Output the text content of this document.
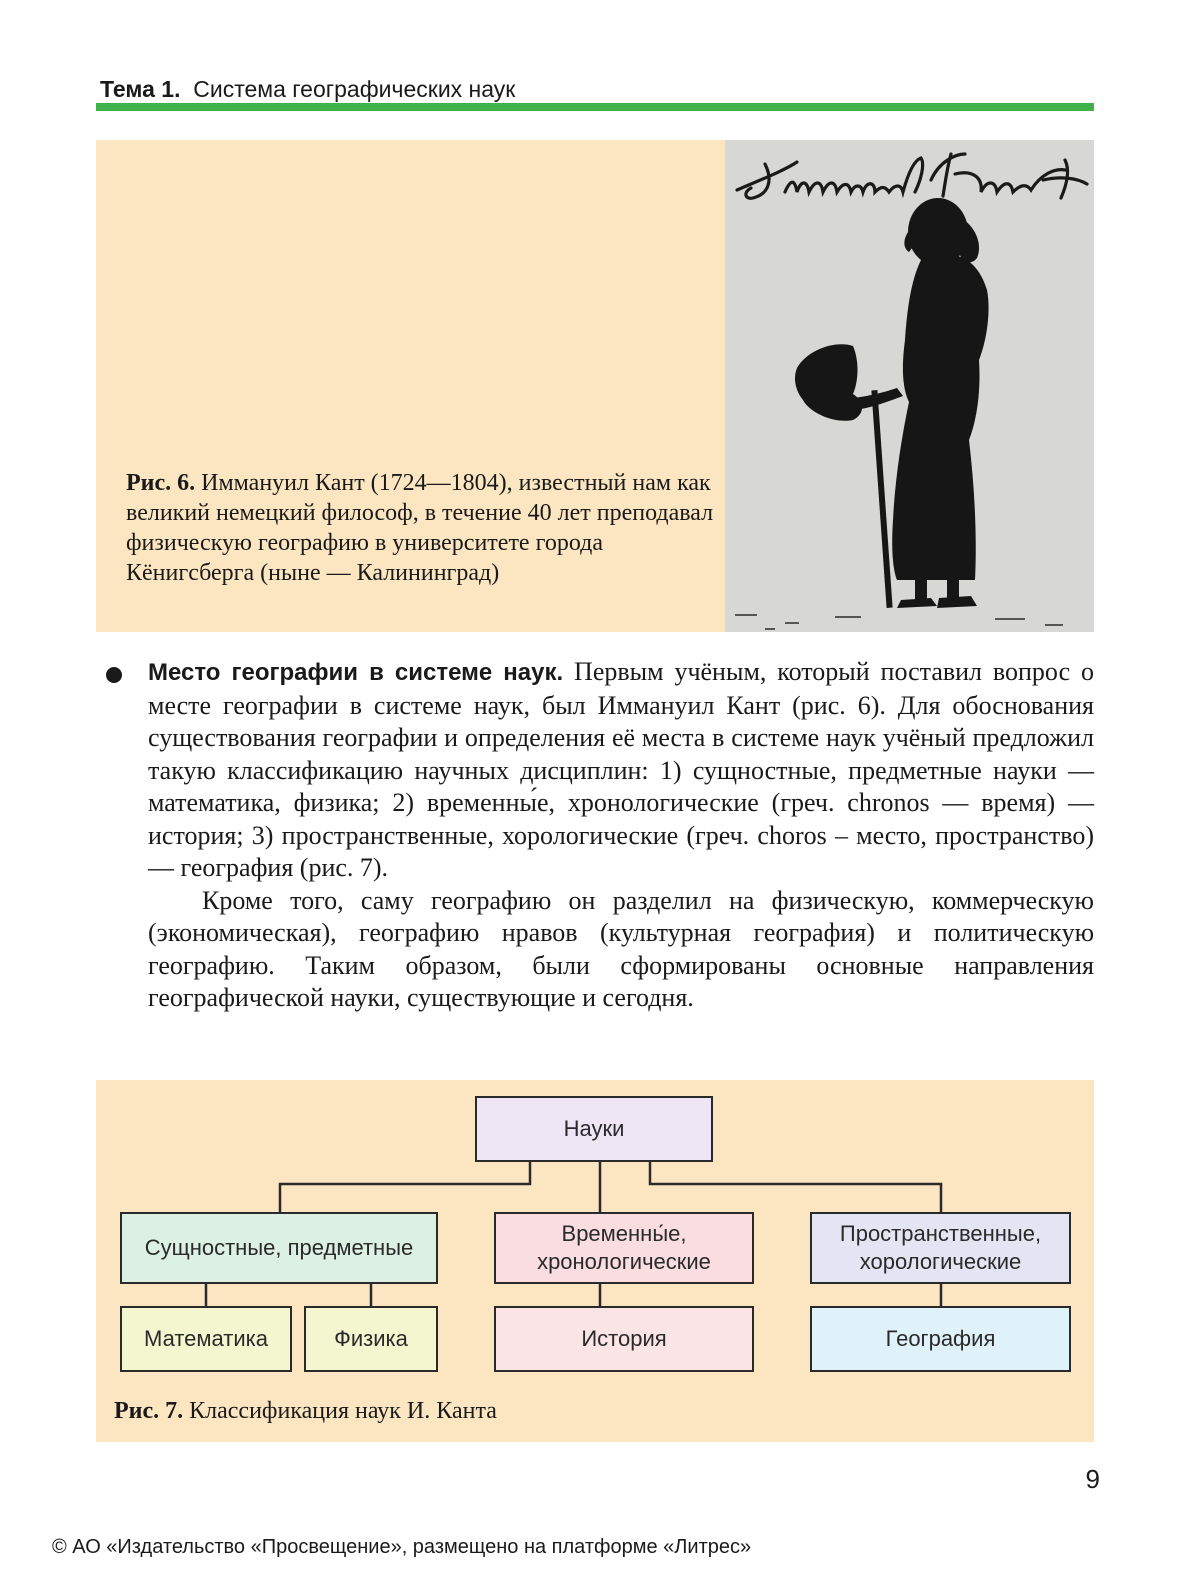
Тема 1. Система географических наук
Рис. 6. Иммануил Кант (1724—1804), известный нам как великий немецкий философ, в течение 40 лет преподавал физическую географию в университете города Кёнигсберга (ныне — Калининград)

Место географии в системе наук. Первым учёным, который поставил вопрос о месте географии в системе наук, был Иммануил Кант (рис. 6). Для обоснования существования географии и определения её места в системе наук учёный предложил такую классификацию научных дисциплин: 1) сущностные, предметные науки — математика, физика; 2) временны́е, хронологические (греч. chronos — время) — история; 3) пространственные, хорологические (греч. choros – место, пространство) — география (рис. 7).

Кроме того, саму географию он разделил на физическую, коммерческую (экономическая), географию нравов (культурная география) и политическую географию. Таким образом, были сформированы основные направления географической науки, существующие и сегодня.

Науки
Сущностные, предметные
Временны́е, хронологические
Пространственные, хорологические
Математика	Физика	История	География
Рис. 7. Классификация наук И. Канта
9
© АО «Издательство «Просвещение», размещено на платформе «Литрес»
